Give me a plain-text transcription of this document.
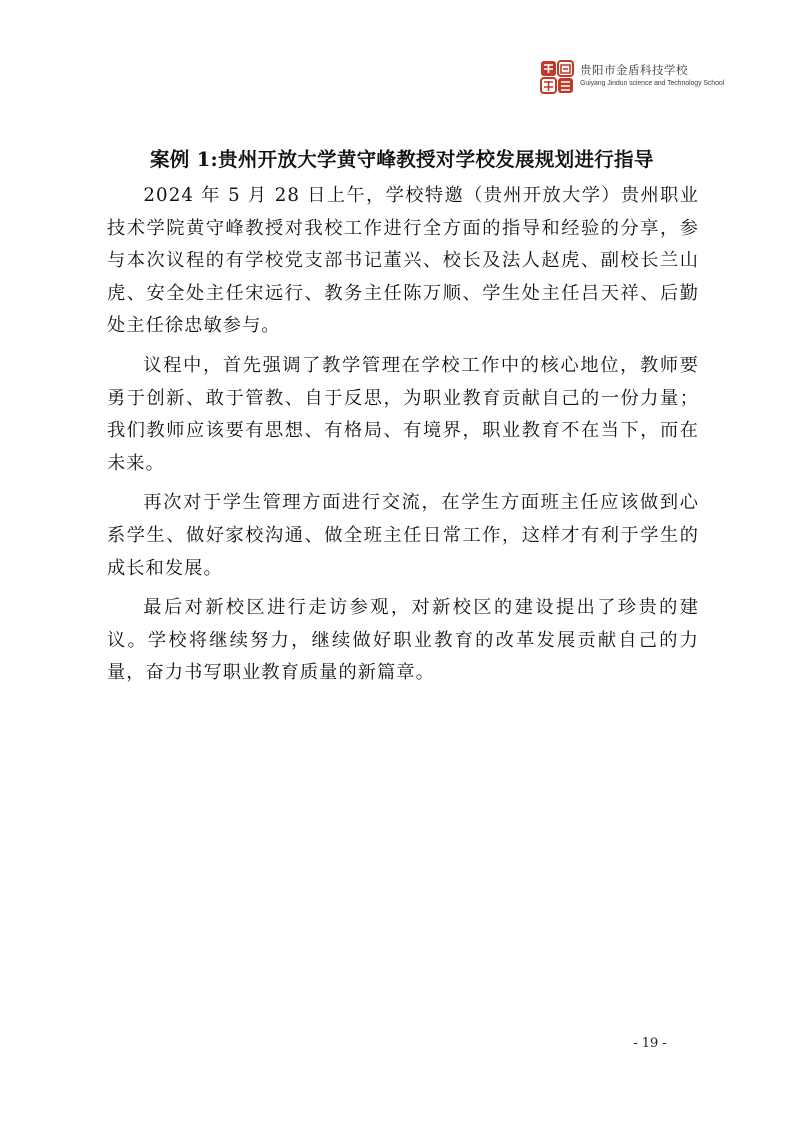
贵阳市金盾科技学校
Guiyang Jindun science and Technology School
案例 1:贵州开放大学黄守峰教授对学校发展规划进行指导

2024 年 5 月 28 日上午，学校特邀（贵州开放大学）贵州职业技术学院黄守峰教授对我校工作进行全方面的指导和经验的分享，参与本次议程的有学校党支部书记董兴、校长及法人赵虎、副校长兰山虎、安全处主任宋远行、教务主任陈万顺、学生处主任吕天祥、后勤处主任徐忠敏参与。

议程中，首先强调了教学管理在学校工作中的核心地位，教师要勇于创新、敢于管教、自于反思，为职业教育贡献自己的一份力量；我们教师应该要有思想、有格局、有境界，职业教育不在当下，而在未来。

再次对于学生管理方面进行交流，在学生方面班主任应该做到心系学生、做好家校沟通、做全班主任日常工作，这样才有利于学生的成长和发展。

最后对新校区进行走访参观，对新校区的建设提出了珍贵的建议。学校将继续努力，继续做好职业教育的改革发展贡献自己的力量，奋力书写职业教育质量的新篇章。

- 19 -
